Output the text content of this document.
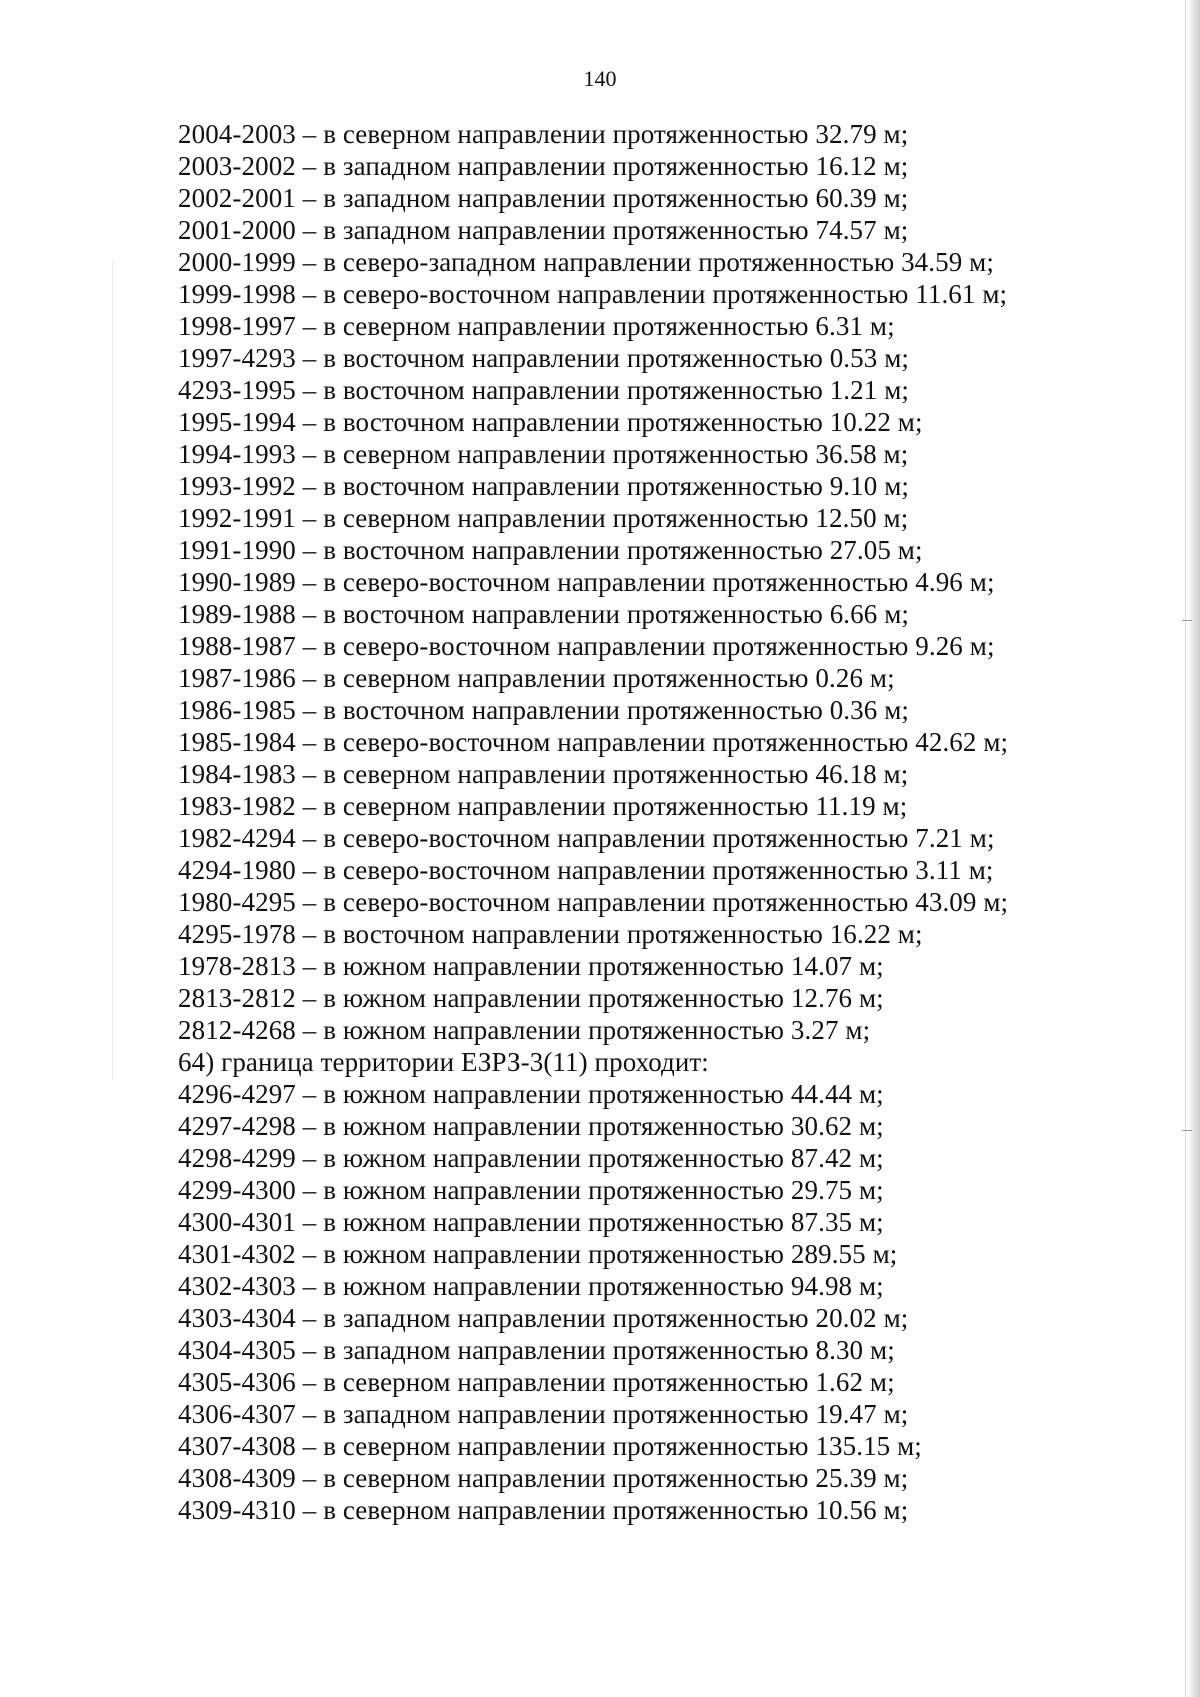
140
2004-2003 – в северном направлении протяженностью 32.79 м;
2003-2002 – в западном направлении протяженностью 16.12 м;
2002-2001 – в западном направлении протяженностью 60.39 м;
2001-2000 – в западном направлении протяженностью 74.57 м;
2000-1999 – в северо-западном направлении протяженностью 34.59 м;
1999-1998 – в северо-восточном направлении протяженностью 11.61 м;
1998-1997 – в северном направлении протяженностью 6.31 м;
1997-4293 – в восточном направлении протяженностью 0.53 м;
4293-1995 – в восточном направлении протяженностью 1.21 м;
1995-1994 – в восточном направлении протяженностью 10.22 м;
1994-1993 – в северном направлении протяженностью 36.58 м;
1993-1992 – в восточном направлении протяженностью 9.10 м;
1992-1991 – в северном направлении протяженностью 12.50 м;
1991-1990 – в восточном направлении протяженностью 27.05 м;
1990-1989 – в северо-восточном направлении протяженностью 4.96 м;
1989-1988 – в восточном направлении протяженностью 6.66 м;
1988-1987 – в северо-восточном направлении протяженностью 9.26 м;
1987-1986 – в северном направлении протяженностью 0.26 м;
1986-1985 – в восточном направлении протяженностью 0.36 м;
1985-1984 – в северо-восточном направлении протяженностью 42.62 м;
1984-1983 – в северном направлении протяженностью 46.18 м;
1983-1982 – в северном направлении протяженностью 11.19 м;
1982-4294 – в северо-восточном направлении протяженностью 7.21 м;
4294-1980 – в северо-восточном направлении протяженностью 3.11 м;
1980-4295 – в северо-восточном направлении протяженностью 43.09 м;
4295-1978 – в восточном направлении протяженностью 16.22 м;
1978-2813 – в южном направлении протяженностью 14.07 м;
2813-2812 – в южном направлении протяженностью 12.76 м;
2812-4268 – в южном направлении протяженностью 3.27 м;
64) граница территории ЕЗРЗ-3(11) проходит:
4296-4297 – в южном направлении протяженностью 44.44 м;
4297-4298 – в южном направлении протяженностью 30.62 м;
4298-4299 – в южном направлении протяженностью 87.42 м;
4299-4300 – в южном направлении протяженностью 29.75 м;
4300-4301 – в южном направлении протяженностью 87.35 м;
4301-4302 – в южном направлении протяженностью 289.55 м;
4302-4303 – в южном направлении протяженностью 94.98 м;
4303-4304 – в западном направлении протяженностью 20.02 м;
4304-4305 – в западном направлении протяженностью 8.30 м;
4305-4306 – в северном направлении протяженностью 1.62 м;
4306-4307 – в западном направлении протяженностью 19.47 м;
4307-4308 – в северном направлении протяженностью 135.15 м;
4308-4309 – в северном направлении протяженностью 25.39 м;
4309-4310 – в северном направлении протяженностью 10.56 м;
